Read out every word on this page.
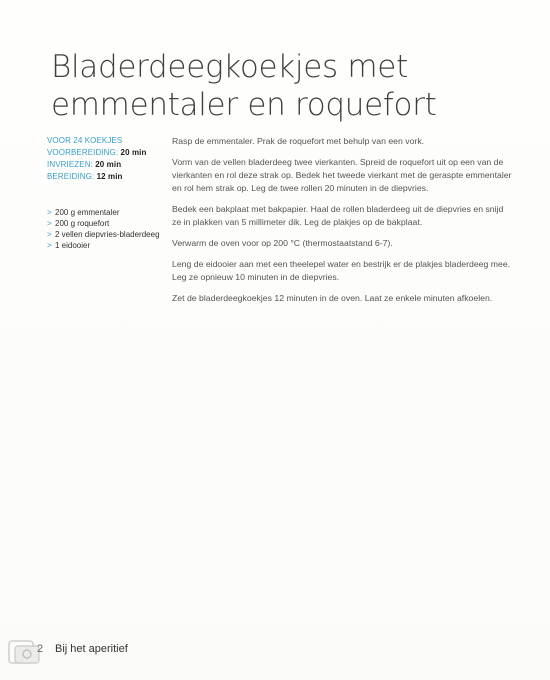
Bladerdeegkoekjes met
emmentaler en roquefort
VOOR 24 KOEKJES
VOORBEREIDING: 20 min
INVRIEZEN: 20 min
BEREIDING: 12 min
> 200 g emmentaler
> 200 g roquefort
> 2 vellen diepvries-bladerdeeg
> 1 eidooier

Rasp de emmentaler. Prak de roquefort met behulp van een vork.

Vorm van de vellen bladerdeeg twee vierkanten. Spreid de roquefort uit op een van de vierkanten en rol deze strak op. Bedek het tweede vierkant met de geraspte emmentaler en rol hem strak op. Leg de twee rollen 20 minuten in de diepvries.

Bedek een bakplaat met bakpapier. Haal de rollen bladerdeeg uit de diepvries en snijd ze in plakken van 5 millimeter dik. Leg de plakjes op de bakplaat.

Verwarm de oven voor op 200 °C (thermostaatstand 6-7).

Leng de eidooier aan met een theelepel water en bestrijk er de plakjes bladerdeeg mee. Leg ze opnieuw 10 minuten in de diepvries.

Zet de bladerdeegkoekjes 12 minuten in de oven. Laat ze enkele minuten afkoelen.

2	Bij het aperitief
